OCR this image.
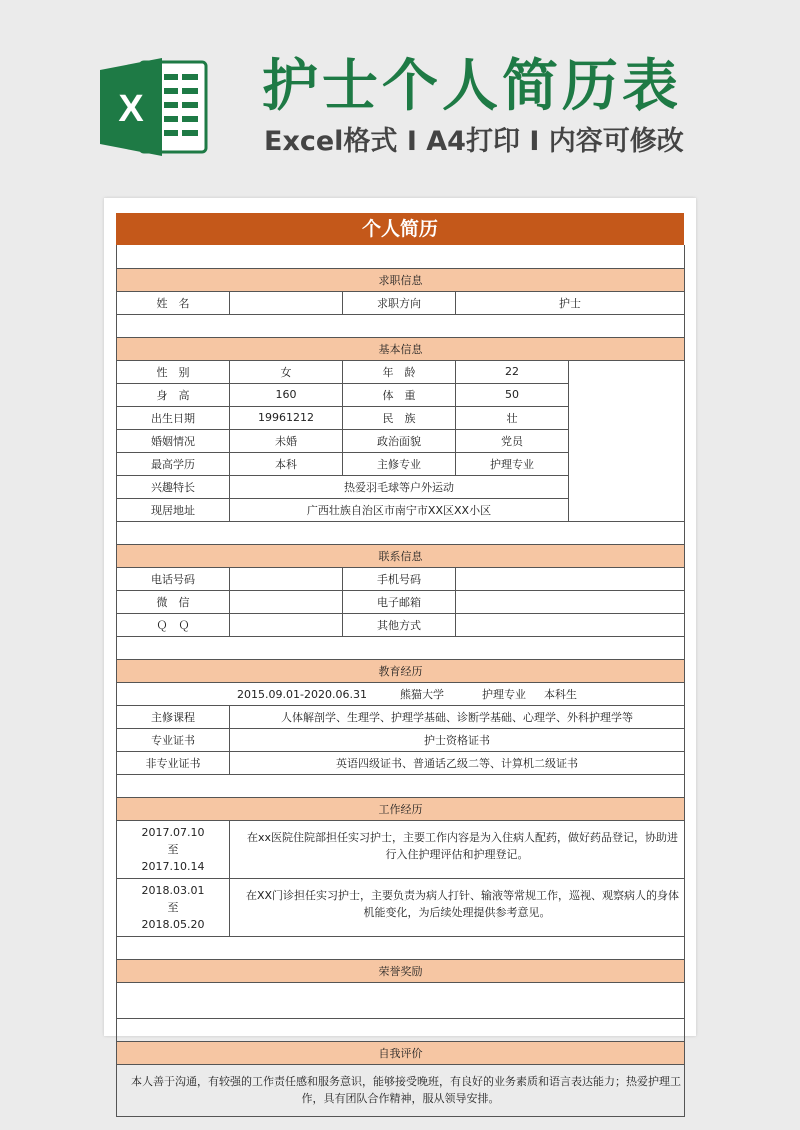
X 护士个人简历表
Excel格式 I A4打印 I 内容可修改
个人简历

求职信息				
姓　名		求职方向	护士	

基本信息				
性　别	女	年　龄	22	
身　高	160	体　重	50	
出生日期	19961212	民　族	壮	
婚姻情况	未婚	政治面貌	党员	
最高学历	本科	主修专业	护理专业	
兴趣特长	热爱羽毛球等户外运动			
现居地址	广西壮族自治区市南宁市XX区XX小区			

联系信息				
电话号码		手机号码		
微　信		电子邮箱		
Ｑ　Ｑ		其他方式		

教育经历				
2015.09.01-2020.06.31 熊猫大学 护理专业 本科生				
主修课程	人体解剖学、生理学、护理学基础、诊断学基础、心理学、外科护理学等			
专业证书	护士资格证书			
非专业证书	英语四级证书、普通话乙级二等、计算机二级证书			

工作经历				

2017.07.10
至
2017.10.14	在xx医院住院部担任实习护士，主要工作内容是为入住病人配药，做好药品登记，协助进行入住护理评估和护理登记。			

2018.03.01
至
2018.05.20	在XX门诊担任实习护士，主要负责为病人打针、输液等常规工作，巡视、观察病人的身体机能变化，为后续处理提供参考意见。			

荣誉奖励				

自我评价				

本人善于沟通，有较强的工作责任感和服务意识，能够接受晚班，有良好的业务素质和语言表达能力；热爱护理工作，具有团队合作精神，服从领导安排。				
